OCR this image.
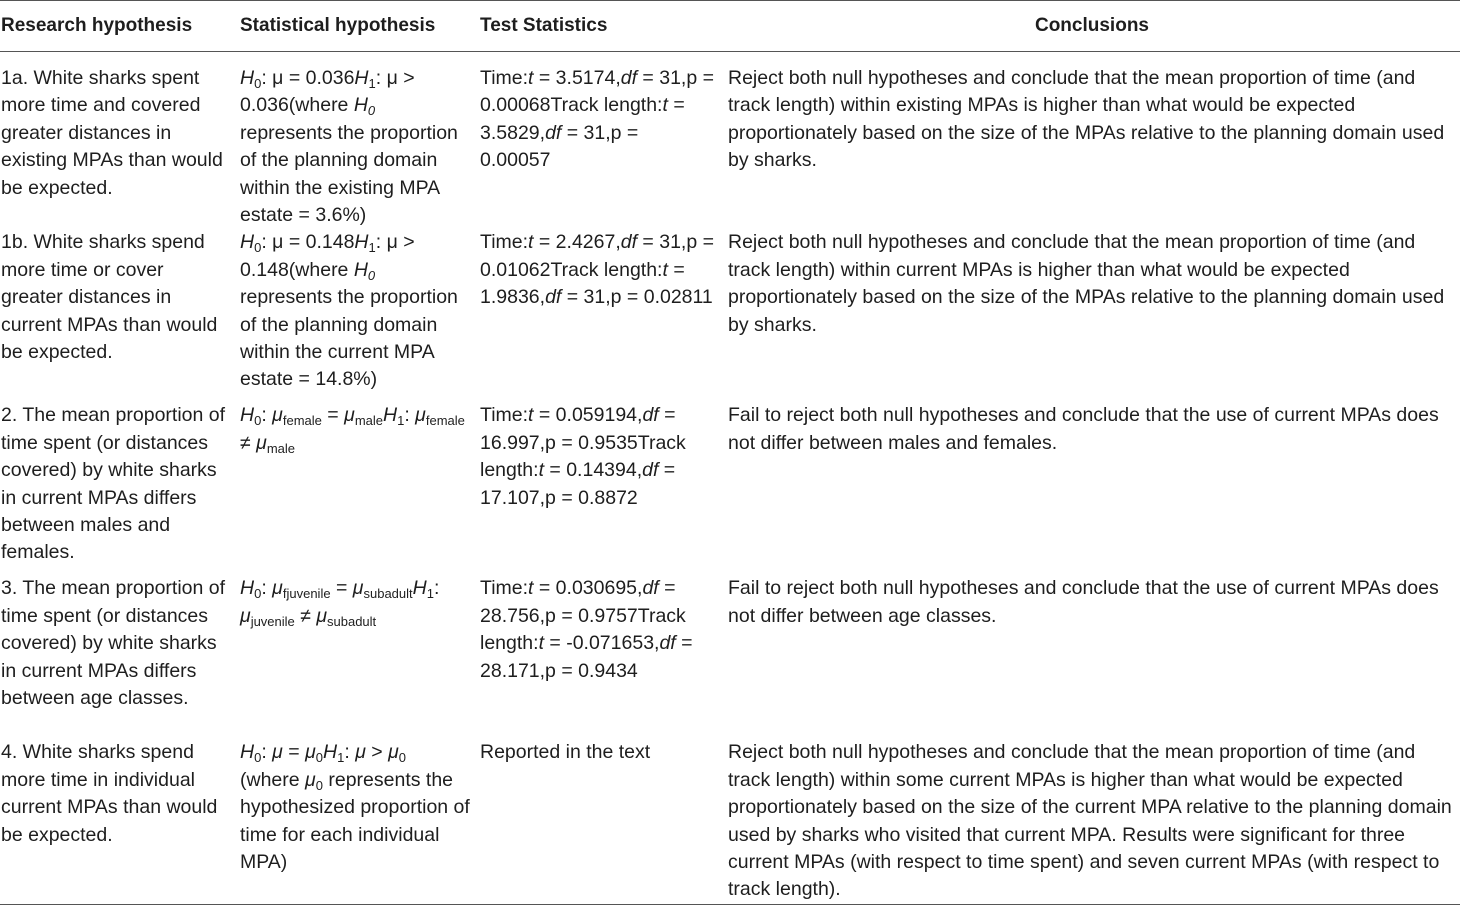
Research hypothesis	Statistical hypothesis	Test Statistics	Conclusions
1a. White sharks spent more time and covered greater distances in existing MPAs than would be expected.	$H_0$: $\mu = 0.036H_1$: μ > 0.036(where $H_0$ represents the proportion of the planning domain within the existing MPA estate = 3.6%)	Time:t = 3.5174,df = 31,p = 0.00068Track length:t = 3.5829,df = 31,p = 0.00057	Reject both null hypotheses and conclude that the mean proportion of time (and track length) within existing MPAs is higher than what would be expected proportionately based on the size of the MPAs relative to the planning domain used by sharks.
1b. White sharks spend more time or cover greater distances in current MPAs than would be expected.	$H_0$: $\mu = 0.148H_1$: μ > 0.148(where $H_0$ represents the proportion of the planning domain within the current MPA estate = 14.8%)	Time:t = 2.4267,df = 31,p = 0.01062Track length:t = 1.9836,df = 31,p = 0.02811	Reject both null hypotheses and conclude that the mean proportion of time (and track length) within current MPAs is higher than what would be expected proportionately based on the size of the MPAs relative to the planning domain used by sharks.
2. The mean proportion of time spent (or distances covered) by white sharks in current MPAs differs between males and females.	$H_0$: $\mu_{female} = \mu_{male}H_1$: $\mu_{female} \ne \mu_{male}$	Time:t = 0.059194,df = 16.997,p = 0.9535Track length:t = 0.14394,df = 17.107,p = 0.8872	Fail to reject both null hypotheses and conclude that the use of current MPAs does not differ between males and females.
3. The mean proportion of time spent (or distances covered) by white sharks in current MPAs differs between age classes.	$H_0$: $\mu_{fjuvenile} = \mu_{subadult}H_1$: $\mu_{juvenile} \ne \mu_{subadult}$	Time:t = 0.030695,df = 28.756,p = 0.9757Track length:t = -0.071653,df = 28.171,p = 0.9434	Fail to reject both null hypotheses and conclude that the use of current MPAs does not differ between age classes.
4. White sharks spend more time in individual current MPAs than would be expected.	$H_0$: $\mu = \mu_0H_1$: $\mu > \mu_0$ (where $\mu_0$ represents the hypothesized proportion of time for each individual MPA)	Reported in the text	Reject both null hypotheses and conclude that the mean proportion of time (and track length) within some current MPAs is higher than what would be expected proportionately based on the size of the current MPA relative to the planning domain used by sharks who visited that current MPA. Results were significant for three current MPAs (with respect to time spent) and seven current MPAs (with respect to track length).
